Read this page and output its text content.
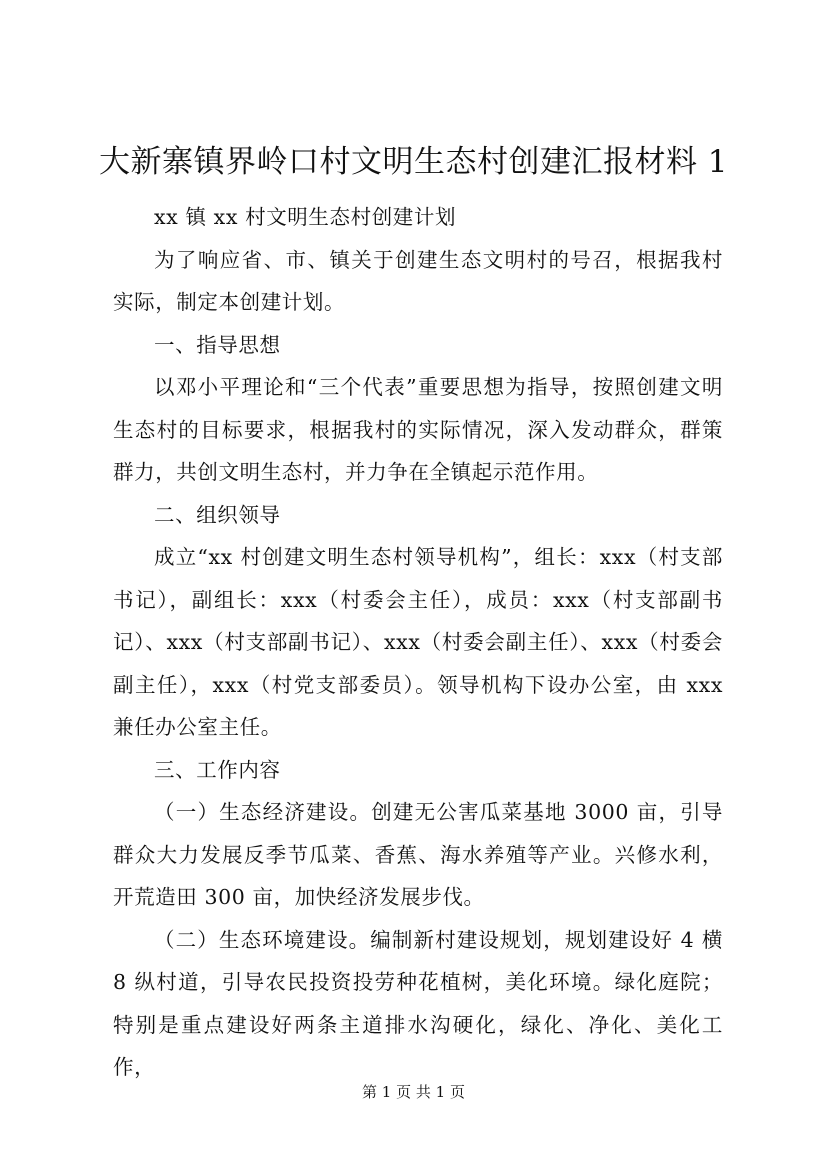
大新寨镇界岭口村文明生态村创建汇报材料 1

xx 镇 xx 村文明生态村创建计划

为了响应省、市、镇关于创建生态文明村的号召，根据我村实际，制定本创建计划。

一、指导思想

以邓小平理论和“三个代表”重要思想为指导，按照创建文明生态村的目标要求，根据我村的实际情况，深入发动群众，群策群力，共创文明生态村，并力争在全镇起示范作用。

二、组织领导

成立“xx 村创建文明生态村领导机构”，组长：xxx（村支部书记），副组长：xxx（村委会主任），成员：xxx（村支部副书记）、xxx（村支部副书记）、xxx（村委会副主任）、xxx（村委会副主任），xxx（村党支部委员）。领导机构下设办公室，由 xxx 兼任办公室主任。

三、工作内容

（一）生态经济建设。创建无公害瓜菜基地 3000 亩，引导群众大力发展反季节瓜菜、香蕉、海水养殖等产业。兴修水利，开荒造田 300 亩，加快经济发展步伐。

（二）生态环境建设。编制新村建设规划，规划建设好 4 横 8 纵村道，引导农民投资投劳种花植树，美化环境。绿化庭院；特别是重点建设好两条主道排水沟硬化，绿化、净化、美化工作，

第 1 页 共 1 页
